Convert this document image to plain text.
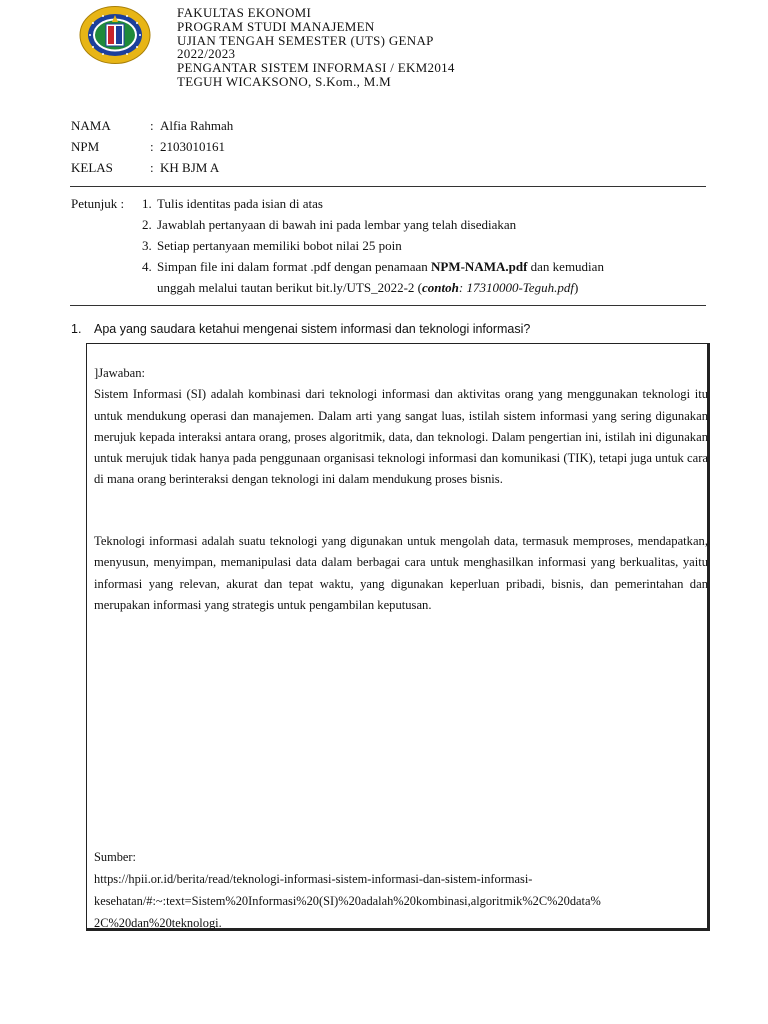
FAKULTAS EKONOMI
PROGRAM STUDI MANAJEMEN
UJIAN TENGAH SEMESTER (UTS) GENAP
2022/2023
PENGANTAR SISTEM INFORMASI / EKM2014
TEGUH WICAKSONO, S.Kom., M.M
NAMA	: Alfia Rahmah
NPM	: 2103010161
KELAS	: KH BJM A
Petunjuk : 1. Tulis identitas pada isian di atas
2. Jawablah pertanyaan di bawah ini pada lembar yang telah disediakan
3. Setiap pertanyaan memiliki bobot nilai 25 poin
4. Simpan file ini dalam format .pdf dengan penamaan NPM-NAMA.pdf dan kemudian
unggah melalui tautan berikut bit.ly/UTS_2022-2 (contoh: 17310000-Teguh.pdf)
1. Apa yang saudara ketahui mengenai sistem informasi dan teknologi informasi?

]Jawaban:

Sistem Informasi (SI) adalah kombinasi dari teknologi informasi dan aktivitas orang yang menggunakan teknologi itu untuk mendukung operasi dan manajemen. Dalam arti yang sangat luas, istilah sistem informasi yang sering digunakan merujuk kepada interaksi antara orang, proses algoritmik, data, dan teknologi. Dalam pengertian ini, istilah ini digunakan untuk merujuk tidak hanya pada penggunaan organisasi teknologi informasi dan komunikasi (TIK), tetapi juga untuk cara di mana orang berinteraksi dengan teknologi ini dalam mendukung proses bisnis.

Teknologi informasi adalah suatu teknologi yang digunakan untuk mengolah data, termasuk memproses, mendapatkan, menyusun, menyimpan, memanipulasi data dalam berbagai cara untuk menghasilkan informasi yang berkualitas, yaitu informasi yang relevan, akurat dan tepat waktu, yang digunakan keperluan pribadi, bisnis, dan pemerintahan dan merupakan informasi yang strategis untuk pengambilan keputusan.

Sumber:
https://hpii.or.id/berita/read/teknologi-informasi-sistem-informasi-dan-sistem-informasi-
kesehatan/#:~:text=Sistem%20Informasi%20(SI)%20adalah%20kombinasi,algoritmik%2C%20data%
2C%20dan%20teknologi.
